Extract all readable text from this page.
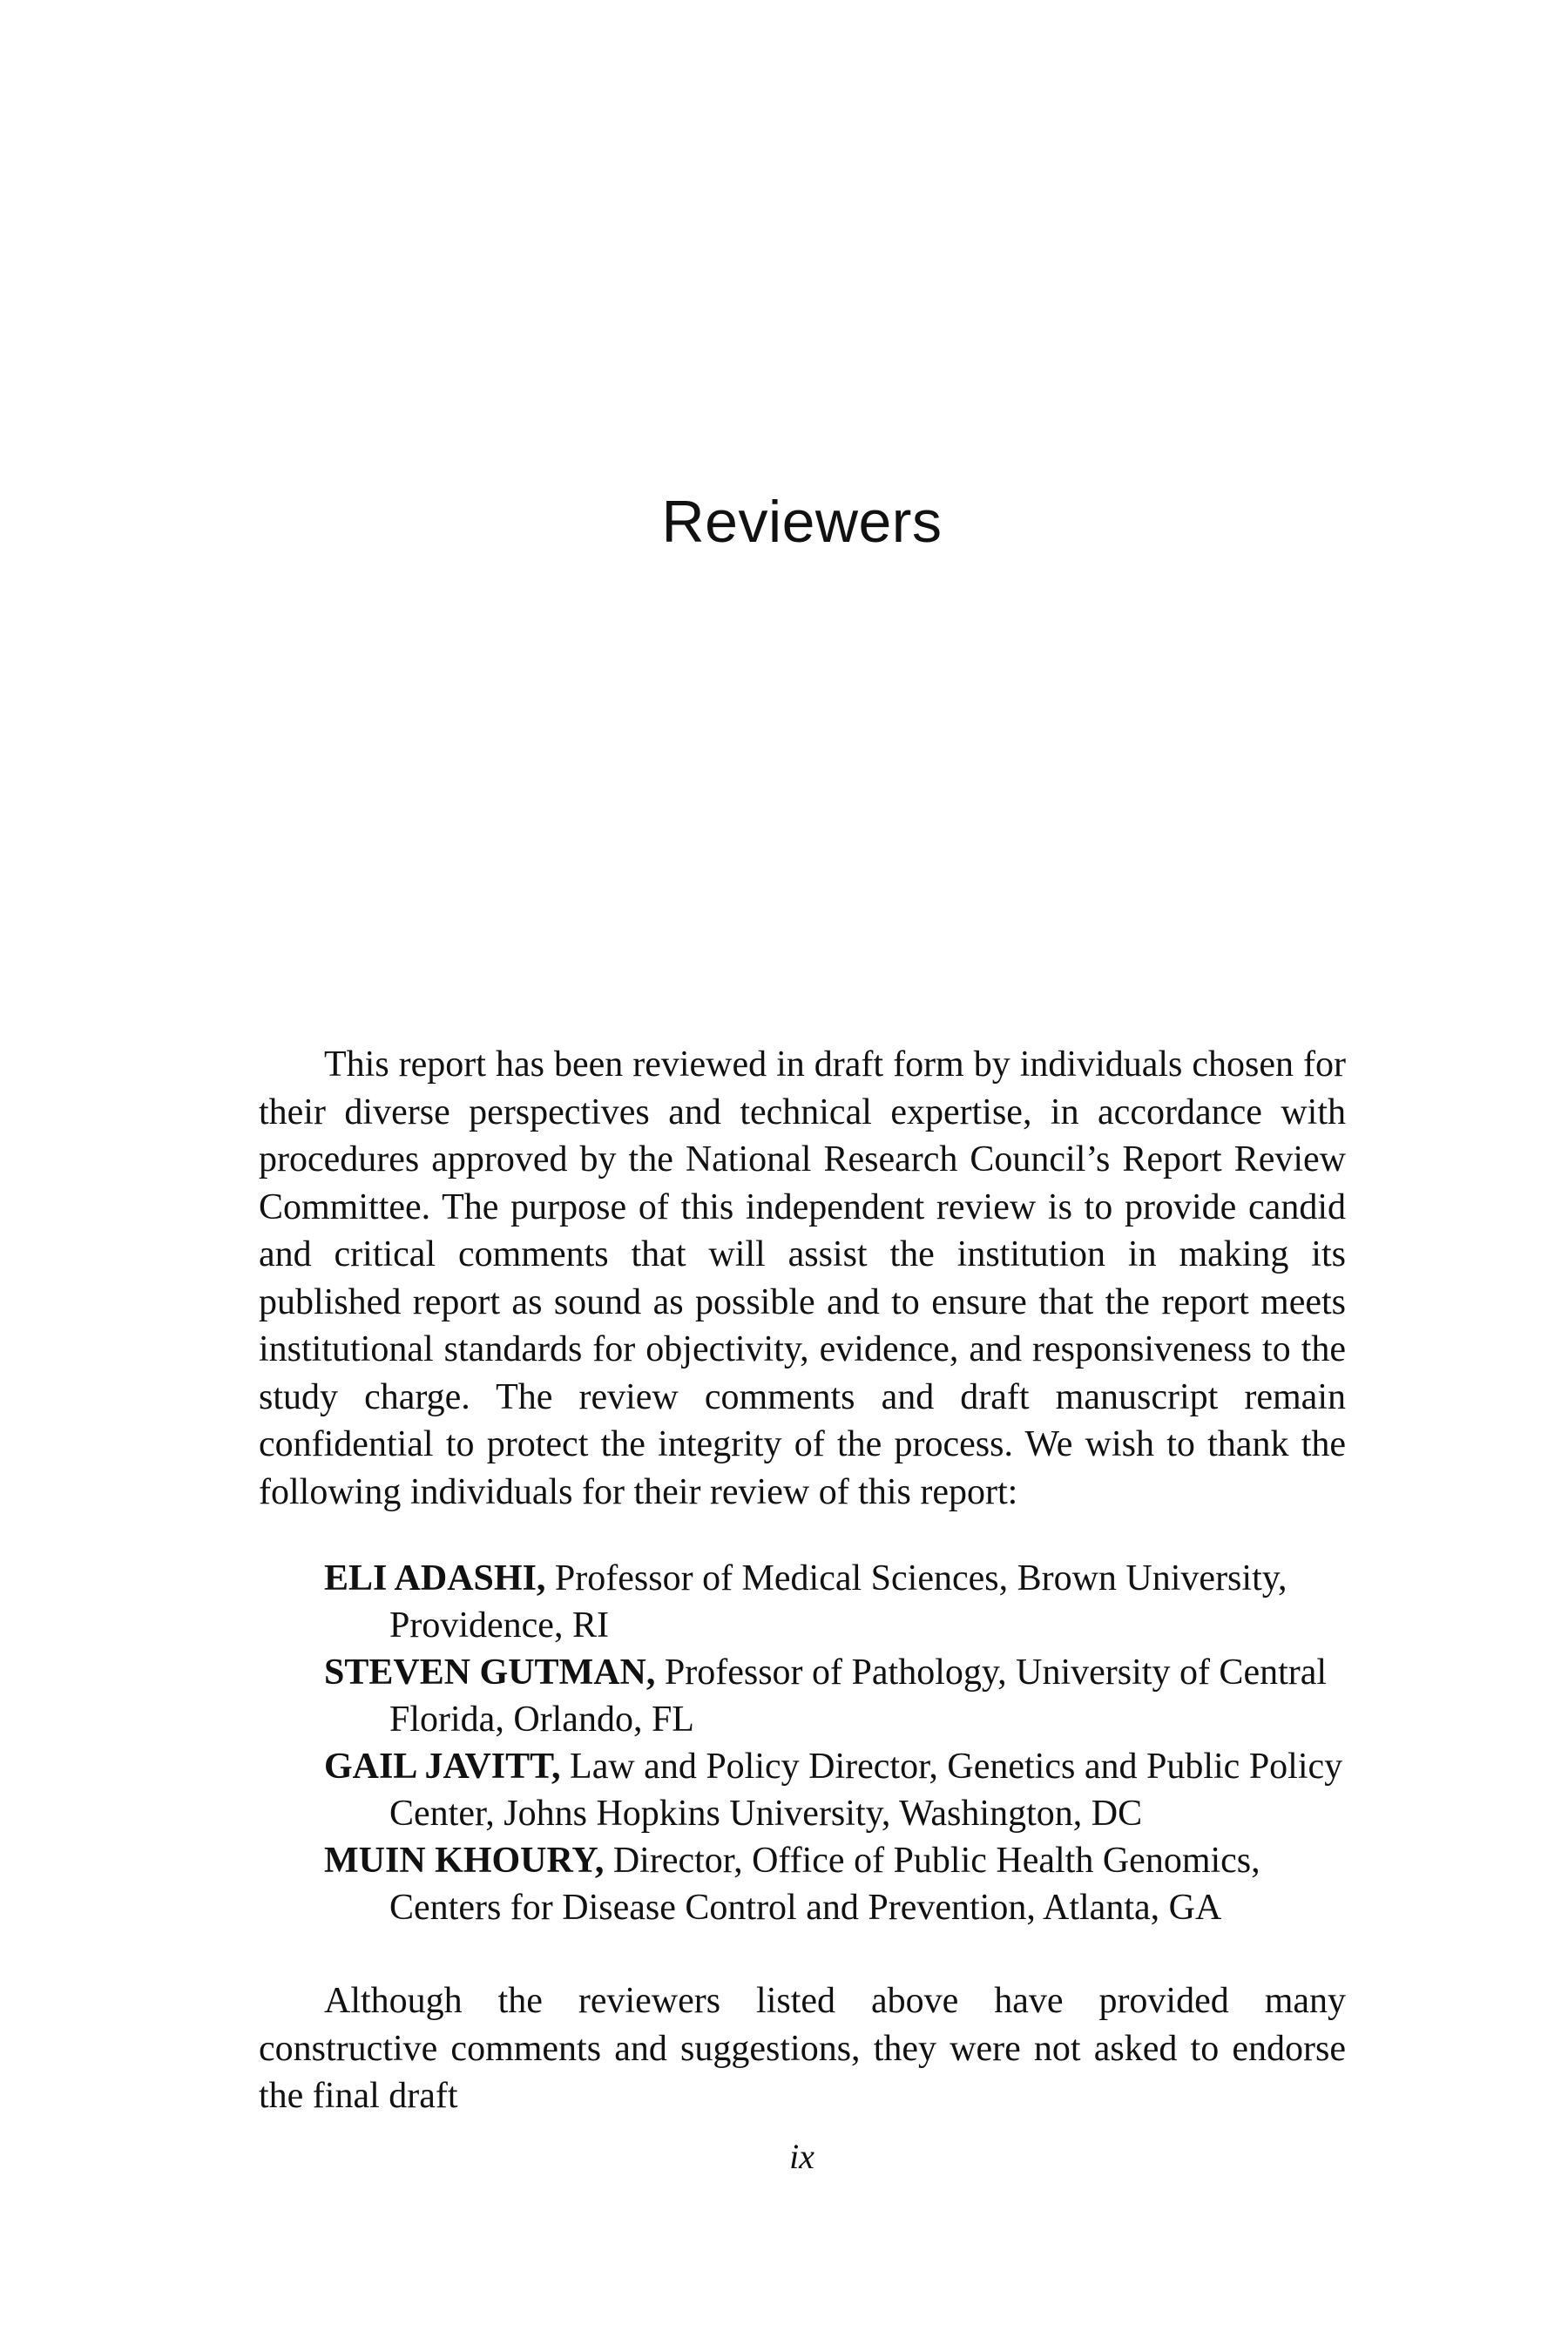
Reviewers

This report has been reviewed in draft form by individuals chosen for their diverse perspectives and technical expertise, in accordance with procedures approved by the National Research Council’s Report Review Committee. The purpose of this independent review is to provide candid and critical comments that will assist the institution in making its published report as sound as possible and to ensure that the report meets institutional standards for objectivity, evidence, and responsiveness to the study charge. The review comments and draft manuscript remain confidential to protect the integrity of the process. We wish to thank the following individuals for their review of this report:

ELI ADASHI, Professor of Medical Sciences, Brown University, Providence, RI
STEVEN GUTMAN, Professor of Pathology, University of Central Florida, Orlando, FL
GAIL JAVITT, Law and Policy Director, Genetics and Public Policy Center, Johns Hopkins University, Washington, DC
MUIN KHOURY, Director, Office of Public Health Genomics, Centers for Disease Control and Prevention, Atlanta, GA

Although the reviewers listed above have provided many constructive comments and suggestions, they were not asked to endorse the final draft

ix
